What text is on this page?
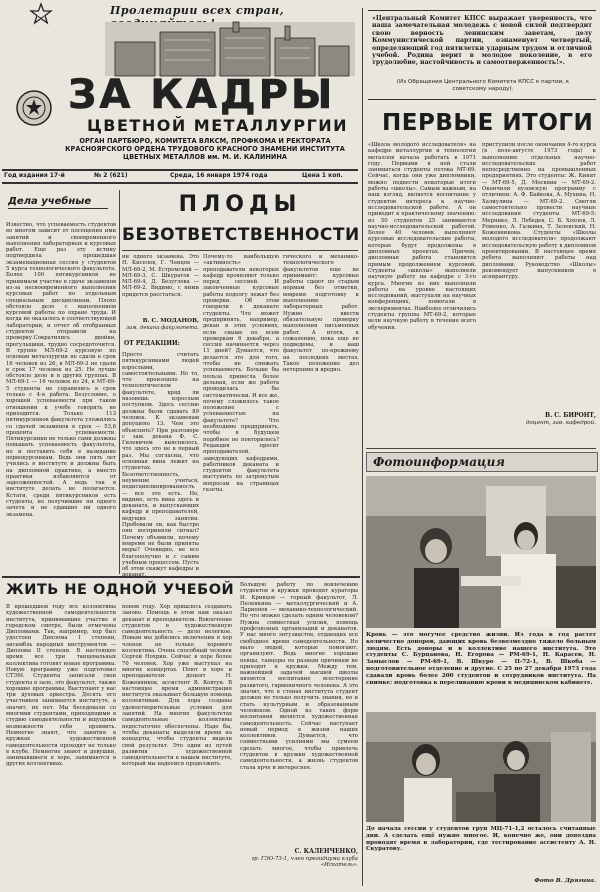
Пролетарии всех стран,
ЗА КАДРЫ
ЦВЕТНОЙ МЕТАЛЛУРГИИ
ОРГАН ПАРТБЮРО, КОМИТЕТА ВЛКСМ, ПРОФКОМА И РЕКТОРАТА КРАСНОЯРСКОГО ОРДЕНА ТРУДОВОГО КРАСНОГО ЗНАМЕНИ ИНСТИТУТА ЦВЕТНЫХ МЕТАЛЛОВ им. М. И. КАЛИНИНА
Год издания 17-й	№ 2 (621)	Среда, 16 января 1974 года	Цена 1 коп.
«Центральный Комитет КПСС выражает уверенность, что наша замечательная молодежь с новой силой подтвердит свою верность ленинским заветам, делу Коммунистической партии, ознаменует четвертый, определяющий год пятилетки ударным трудом и отличной учебой. Родина верит в молодое поколение, в его трудолюбие, настойчивость и самоотверженность!».
(Из Обращения Центрального Комитета КПСС к партии, к советскому народу).
ПЕРВЫЕ ИТОГИ
«Школа молодого исследователя» на кафедре металлургии и технологии металлов начала работать в 1971 году. Первыми в ней стали заниматься студенты потока МТ-69. Сейчас, когда они уже дипломники, можно подвести некоторые итоги работы «школы». Самым важным, на наш взгляд, является воспитание у студентов интереса к научно-исследовательской работе. А он приводит к практическому значению: из 50 студентов 25 занимаются научно-исследовательской работой. Более 40 человек выполняют курсовые исследовательские работы, которые будут продолжены в дипломных проектах. Причем, дипломная работа становится прямым продолжением курсовой. Студенты «школы» выполняли научную работу на кафедре с 3-го курса. Многие из них выполнили работы на уровне настоящих исследований, выступали на научных конференциях, помогали в экспериментах. Наиболее отличились студенты группы МТ-69-2, которые вели научную работу в течение всего обучения.
приступили после окончания 4-го курса (в поле-августе 1973 года) к выполнению отдельных научно-исследовательских работ непосредственно на промышленных предприятиях. Это студенты: Ж. Кинят — МТ-69-5, Д. Москвин — МТ-69-2. Окончили вузовскую программу с отличием: А. Ф. Байкова, А. Мухина, Н. Халиулина — МТ-69-2. Смогли самостоятельно провести научные исследования студенты МТ-69-5: Мернико, Л. Лебедев, С. Б. Хохлов, Л. Роменко, А. Галкина, Т. Зеленский, Н. Кожевникова. Студенты «Школы молодого исследователя» продолжают исследовательскую работу в дипломном проектировании. В настоящее время ребята выполняют работы над дипломами. Руководство «Школы» рекомендует выпускников в аспирантуру.
В. С. БИРОНТ,
доцент, зав. кафедрой.
Фотоинформация
Кровь — это могучее средство жизни. Из года в год растет количество доноров, дающих кровь безвозмездно тяжело больным людям. Есть доноры и в коллективе нашего института. Это студенты С. Бурцанова, Н. Егорова — РМ-69-1, Н. Карасев, Н. Замыслов — РМ-69-1, В. Шкуро — П-72-1, В. Шкоба — подготовительное отделение и другие. С 25 по 27 декабря 1973 года сдавали кровь более 200 студентов и сотрудников института. На снимке: подготовка к переливанию крови в медицинском кабинете.
До начала сессии у студентов груп МЦ-71-1,2 осталось считанные дни. А сделать ещё нужно многое. И, конечно же, они допоздна проводят время в лаборатории, где тестирование ассистенту А. Н. Скуратову.
Фото В. Дрягина.
Дела учебные
Известно, что успеваемость студентов во многом зависит от посещения ими занятий и своевременного выполнения лабораторных и курсовых работ. Еще раз эту истину подтвердила прошедшая экзаменационная сессия у студентов 5 курса технологического факультета. Более 100 пятикурсников не принимали участие в сдаче экзаменов из-за несвоевременного выполнения курсовых работ по отдельным специальным дисциплинам. Плохо обстояло дело с выполнением курсовой работы по охране труда. И когда не оказалось в соответствующей лаборатории, и отчет об отобранных студентов отправили на проверку.Сократились двойки, прогульщики, трудно сосредоточится. В группе МЛ-69-2 курсовую по основам металлургии не сдали в срок 16 человек из 26, в МЛ-69-3 не сдали в срок 17 человек из 25. Не лучше обстояло дело и в других группах. В МЛ-69-1 — 16 человек из 24, в МТ-69-5 студенты не справились в срок только с 4-я работа. Безусловно, о хорошей успеваемости при таком отношении к учебе говорить не приходится. Только 113 пятикурсников факультета уложились со сдачей экзаменов в срок — 53,8 процента успеваемости. Пятикурсники не только сами должны повышать успеваемость факультета, но и поставить себя в назидание первокурсникам. Ведь они пять лет учились в институте и должны быть на дипломной практике, а вместо практики избавляются от задолженностей. А ведь так в институте делать не полагается. Кстати, среди пятикурсников есть студенты, не получившие ни одного зачета и не сдавшие ни одного экзамена.
ПЛОДЫ
БЕЗОТВЕТСТВЕННОСТИ
ни одного экзамена. Это Н. Киселев, Г. Ченцов — МЛ-69-2, М. Естремский — МЛ-69-3, С. Шкуратов — МЛ-69-4, Д. Безуглова — МЛ-69-2. Видимо, с ними придется расстаться.
В. С. МОДАНОВ,
зам. декана факультета.
ОТ РЕДАКЦИИ:
Просто считать пятикурсниками людей взрослыми, самостоятельными. Но то, что произошло на технологическом факультете, вряд ли назовешь взрослым поступком. Здесь сессию должны были сдавать 89 человек. К экзаменам допущено 13. Чем это объяснить? При разговоре с зам. декана Ф. С. Гилевичем выяснилось, что здесь это не в первый раз. Мы согласны, что основная вина лежит на студентах. Безответственность, неумение учиться, недисциплинированность — все это есть. Но, видимо, есть вина здесь и деканата, и выпускающих кафедр и преподавателей, ведущих занятия. Пробовали ли, как быстро они восприняли сигнал? Почему объявили, почему вовремя не были приняты меры? Очевидно, не все благополучно и с самим учебным процессом. Пусть об этом скажут кафедры и
Почему-то наибольшую «активность» преподаватели некоторых кафедр проявляют только перед сессией. И законченные курсовые работы подолгу лежат без проверки. Об этом говорили в деканате студенты. Что может предпринять, например, декан в этих условиях, если свыше по всем проверкам 6 декабря, а сессия начинается через 11 дней? Думается, что делается это для того, чтобы не снижать успеваемость. Больше бы польза принесла более дельная, если же работа проводилась бы систематически. И все же, почему сложилось такое положение с успеваемостью на факультете? Что необходимо предпринять, чтобы в будущем подобное не повторилось? Редакция просит преподавателей, заведующих кафедрами, работников деканата и студентов факультета выступить по затронутым вопросам на страницах газеты.
гического и механико-технологического факультетов еще не принимают: курсовые работы сдают по старым нормам без отметки, вовремя подготовку к выполнению лабораторных работ. Нужно ввести обязательную проверку выполнения письменных работ. А итоги, к сожалению, пока еще не подведены, и наш факультет по-прежнему на последних местах. Такое положение дел нетерпимо и вредно.
ЖИТЬ НЕ ОДНОЙ УЧЕБОЙ
В прошедшем году все коллективы художественной самодеятельности института, принимавшие участие в городском смотре, были отмечены Дипломами. Так, например, хор был удостоен Диплома I степени, ансамбль народных инструментов — Диплома II степени. В настоящее время все три танцевальных коллектива готовят новые программы. Новую программу уже подготовил СТЭМ. Студенты записали свои студенты в зале, это факультет, также хорошие программы. Выступают у нас три духовых оркестра. Десять его участников занимаются институте, а значит, их нет. Мы беседовали со многими студентами, приходящими в студию самодеятельности и ищущими возможности себя проявить. Немногие знают, что занятия в кружках художественной самодеятельности проходят не только в клубе. Немногие знают и девушки, занимавшиеся в хоре, занимаются в других коллективах.
новом году. Хор пришлось создавать заново. Помощь в этом нам оказал деканат и преподаватели. Вовлечение студентов в художественную самодеятельность — дело нелегкое. Новым мы добились включения в хор членов не только хорового коллектива. Очень способный человек Сергей Нохрин. Сейчас в хоре более 70 человек. Хор уже выступал на многих концертах. Поют в хоре и преподаватели: доцент Н. Кожевников, ассистент Я. Ковтун. В настоящее время администрация института оказывает большую помощь коллективам. Для хора созданы удовлетворительные условия для занятий. На многих факультетах самодеятельные коллективы недостаточно обеспечены. Надо бы, чтобы деканаты выделяли время на концерты, чтобы студенты видели свой результат. Это один из путей развития художественной самодеятельности в нашем институте, который мы надеемся продолжить.
Большую работу по вовлечению студентов в кружки проводят кураторы И. Кривцов — горный факультет, Л. Пеленкина — металлургический и А. Ларионов — механико-технологический. Но что можно сделать одним человеком? Нужна совместная усилия, помощь профсоюзных организаций и деканатов. У нас много энтузиастов, отдающих все свободное время самодеятельности. Но мало людей, которые помогают, организуют. Ведь многие хорошие певцы, танцоры по разным причинам не приходят в кружки. Между тем, важнейшей задачей высшей школы является воспитание всесторонне развитого, гармоничного человека. А это значит, что в стенах института студент должен не только получить знания, но и стать культурным и образованным человеком. Одной из таких форм воспитания является художественная самодеятельность. Сейчас наступает новый период в жизни наших коллективов. Думается, что совместными усилиями мы сумеем сделать многое, чтобы привлечь студентов в кружки художественной самодеятельности, а жизнь студентов стала ярче и интереснее.
С. КАЛЕНЧЕНКО,
гр. ГЭО-73-1, член президиума клуба «Искатель».
